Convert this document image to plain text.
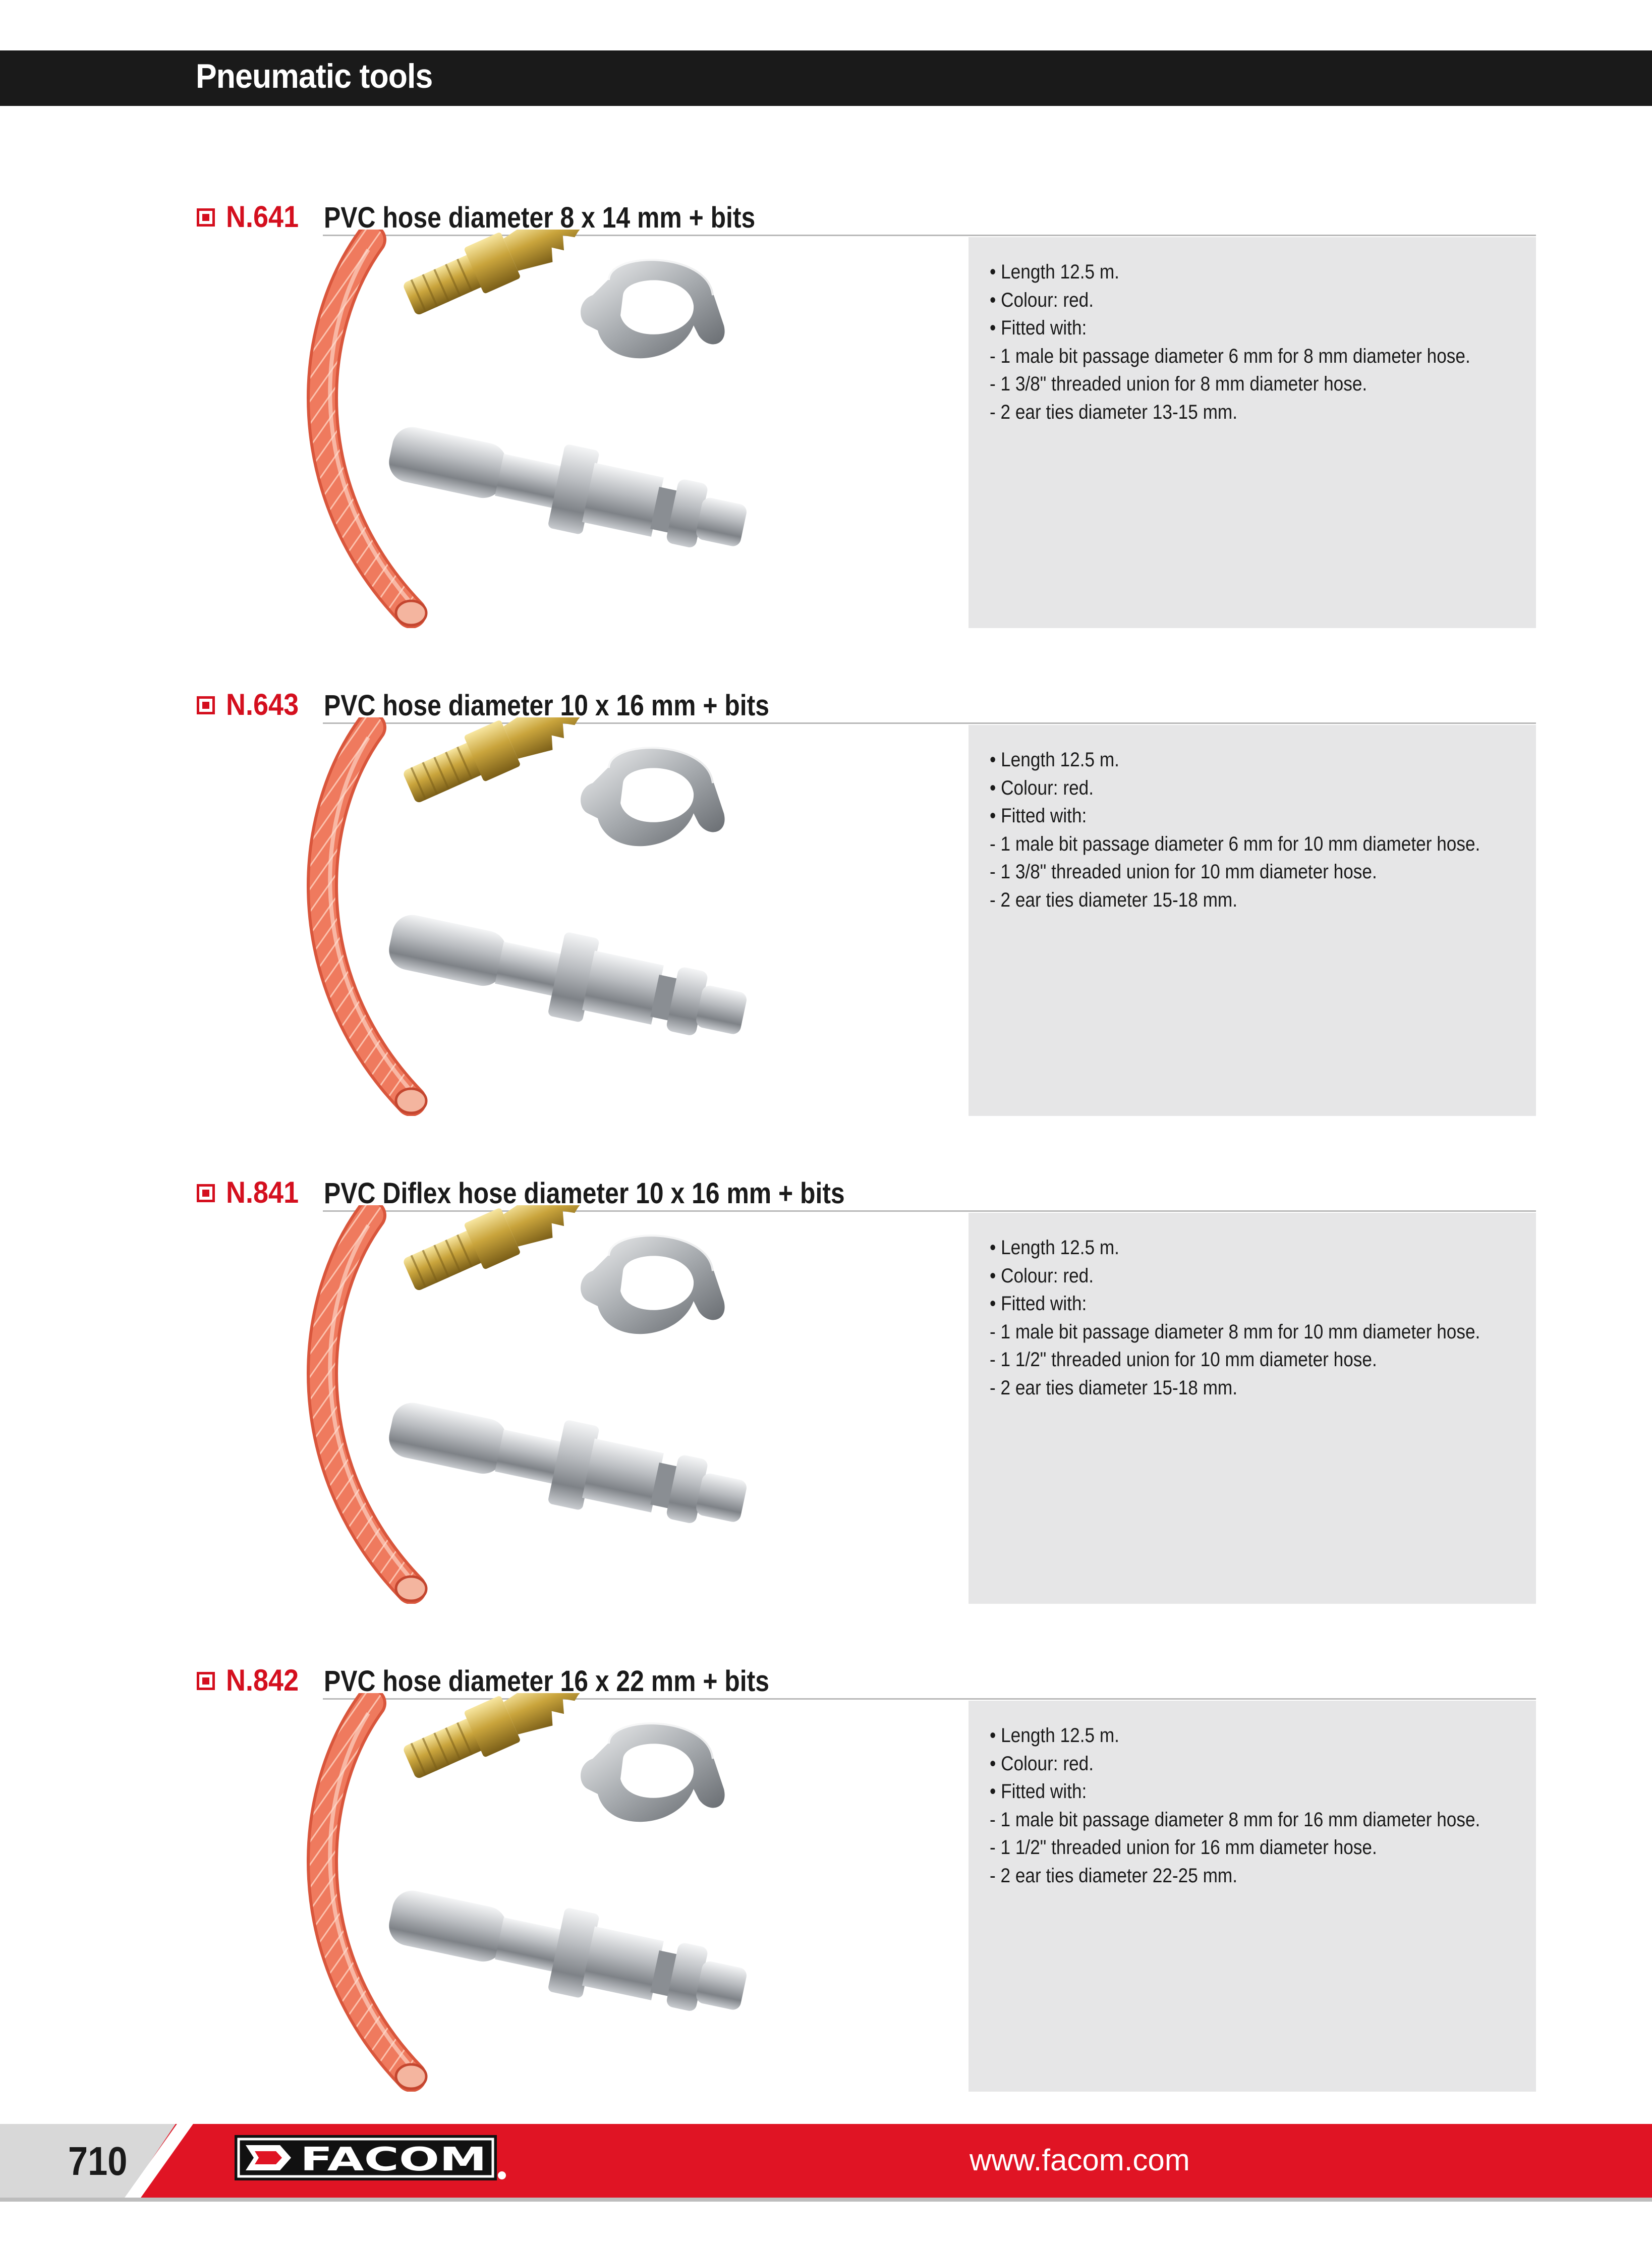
Pneumatic tools
N.641 PVC hose diameter 8 x 14 mm + bits
• Length 12.5 m.
• Colour: red.
• Fitted with:
- 1 male bit passage diameter 6 mm for 8 mm diameter hose.
- 1 3/8" threaded union for 8 mm diameter hose.
- 2 ear ties diameter 13-15 mm.
N.643 PVC hose diameter 10 x 16 mm + bits
• Length 12.5 m.
• Colour: red.
• Fitted with:
- 1 male bit passage diameter 6 mm for 10 mm diameter hose.
- 1 3/8" threaded union for 10 mm diameter hose.
- 2 ear ties diameter 15-18 mm.
N.841 PVC Diflex hose diameter 10 x 16 mm + bits
• Length 12.5 m.
• Colour: red.
• Fitted with:
- 1 male bit passage diameter 8 mm for 10 mm diameter hose.
- 1 1/2" threaded union for 10 mm diameter hose.
- 2 ear ties diameter 15-18 mm.
N.842 PVC hose diameter 16 x 22 mm + bits
• Length 12.5 m.
• Colour: red.
• Fitted with:
- 1 male bit passage diameter 8 mm for 16 mm diameter hose.
- 1 1/2" threaded union for 16 mm diameter hose.
- 2 ear ties diameter 22-25 mm.
710	FACOM	www.facom.com
